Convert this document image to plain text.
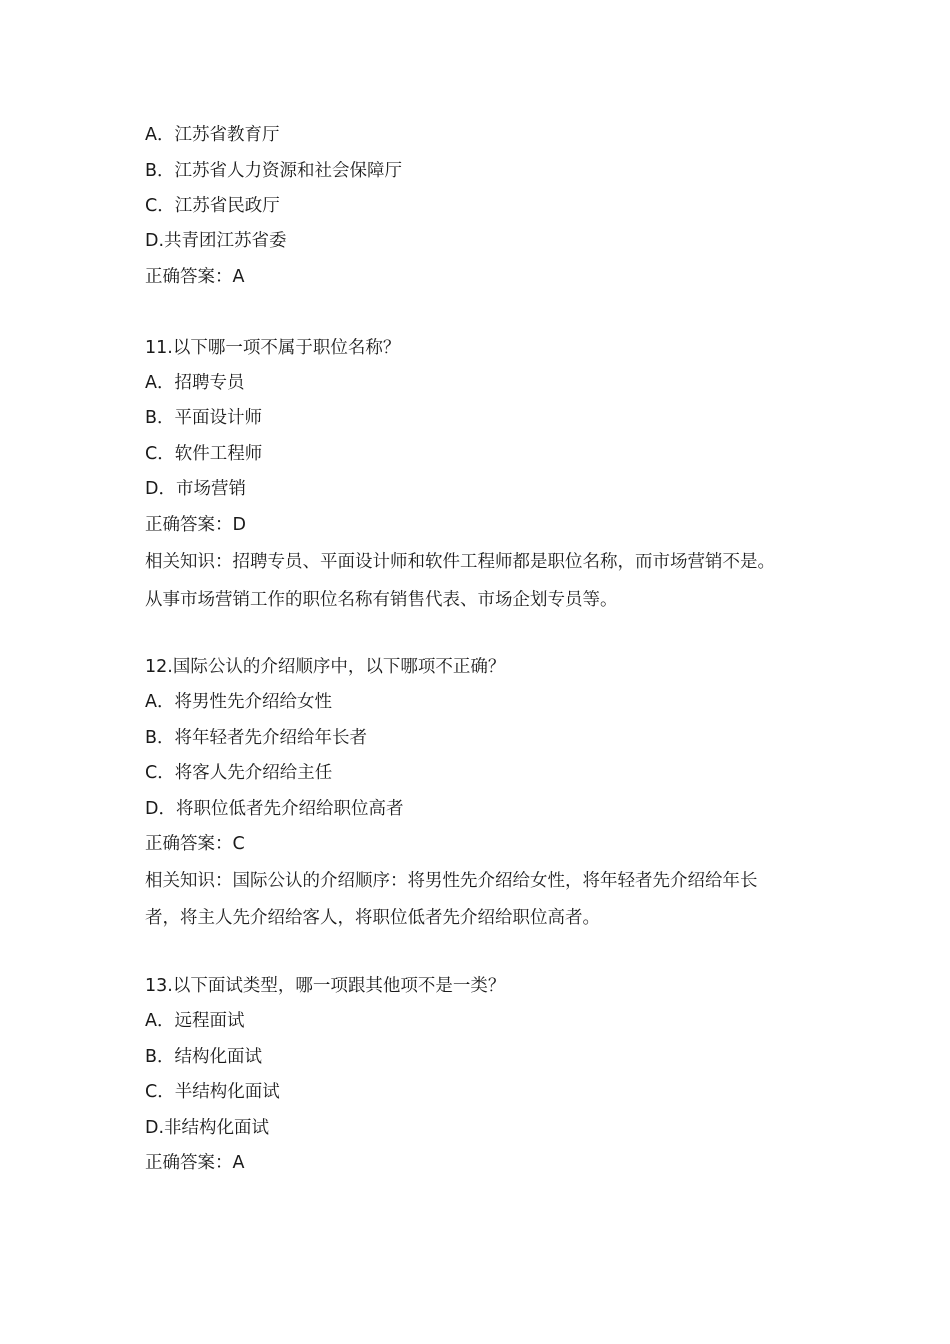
A．江苏省教育厅
B．江苏省人力资源和社会保障厅
C．江苏省民政厅
D.共青团江苏省委
正确答案：A
11.以下哪一项不属于职位名称？
A．招聘专员
B．平面设计师
C．软件工程师
D．市场营销
正确答案：D
相关知识：招聘专员、平面设计师和软件工程师都是职位名称，而市场营销不是。
从事市场营销工作的职位名称有销售代表、市场企划专员等。
12.国际公认的介绍顺序中，以下哪项不正确？
A．将男性先介绍给女性
B．将年轻者先介绍给年长者
C．将客人先介绍给主任
D．将职位低者先介绍给职位高者
正确答案：C
相关知识：国际公认的介绍顺序：将男性先介绍给女性，将年轻者先介绍给年长
者，将主人先介绍给客人，将职位低者先介绍给职位高者。
13.以下面试类型，哪一项跟其他项不是一类？
A．远程面试
B．结构化面试
C．半结构化面试
D.非结构化面试
正确答案：A
